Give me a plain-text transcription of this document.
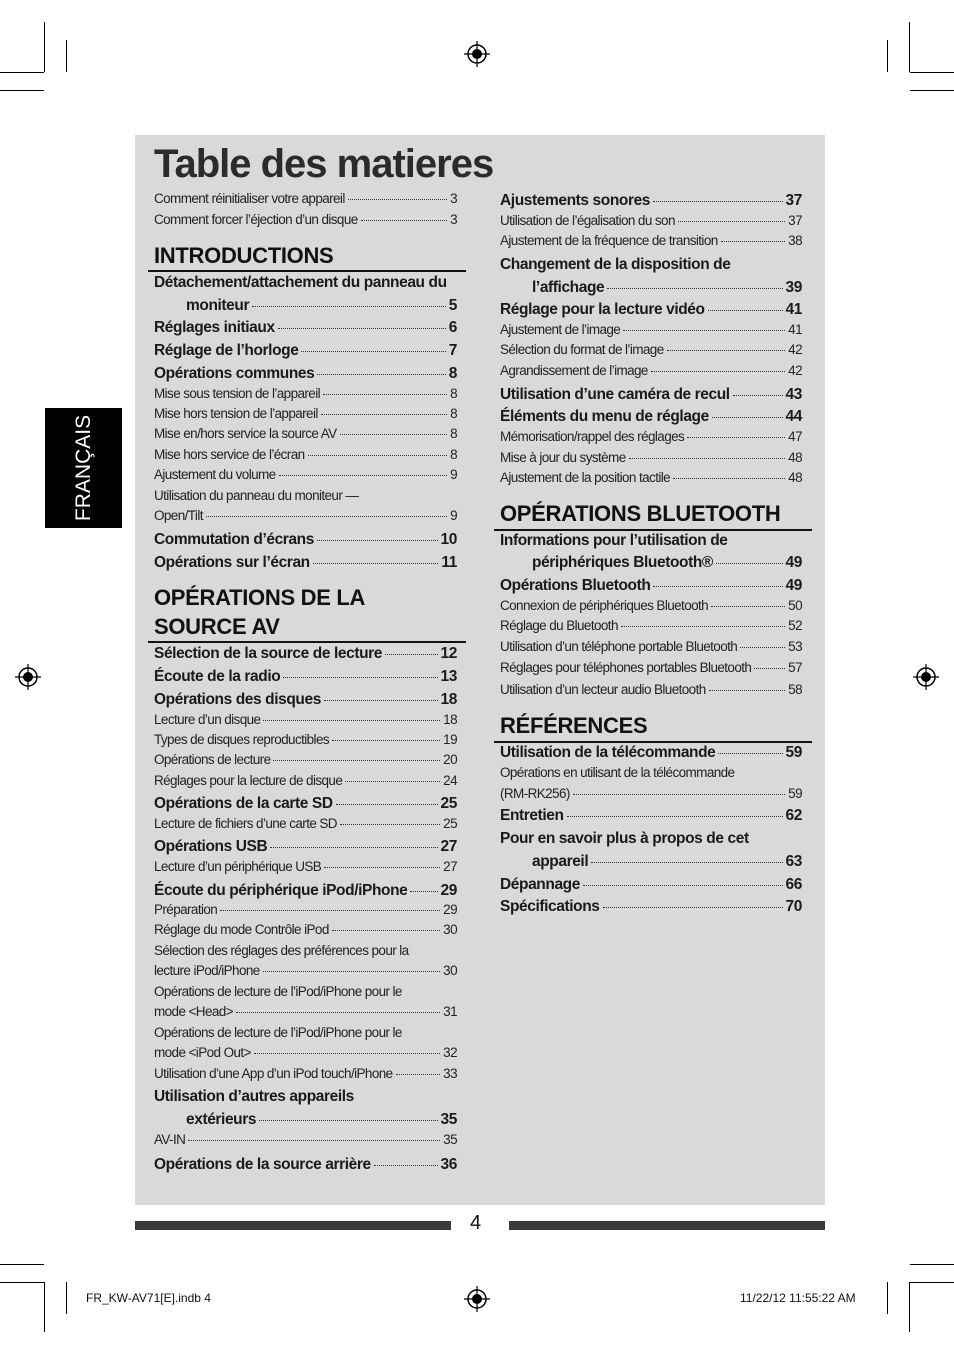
Table des matieres
FRANÇAIS
Comment réinitialiser votre appareil	3
Comment forcer l’éjection d’un disque	3
INTRODUCTIONS
Détachement/attachement du panneau du
moniteur	5
Réglages initiaux	6
Réglage de l’horloge	7
Opérations communes	8
Mise sous tension de l’appareil	8
Mise hors tension de l’appareil	8
Mise en/hors service la source AV	8
Mise hors service de l’écran	8
Ajustement du volume	9
Utilisation du panneau du moniteur —
Open/Tilt	9
Commutation d’écrans	10
Opérations sur l’écran	11
OPÉRATIONS DE LA
SOURCE AV
Sélection de la source de lecture	12
Écoute de la radio	13
Opérations des disques	18
Lecture d’un disque	18
Types de disques reproductibles	19
Opérations de lecture	20
Réglages pour la lecture de disque	24
Opérations de la carte SD	25
Lecture de fichiers d’une carte SD	25
Opérations USB	27
Lecture d’un périphérique USB	27
Écoute du périphérique iPod/iPhone 29
Préparation	29
Réglage du mode Contrôle iPod	30
Sélection des réglages des préférences pour la
lecture iPod/iPhone	30
Opérations de lecture de l’iPod/iPhone pour le
mode <Head>	31
Opérations de lecture de l’iPod/iPhone pour le
mode <iPod Out>	32
Utilisation d’une App d’un iPod touch/iPhone	33
Utilisation d’autres appareils
extérieurs	35
AV-IN	35
Opérations de la source arrière	36
Ajustements sonores	37
Utilisation de l’égalisation du son	37
Ajustement de la fréquence de transition	38
Changement de la disposition de
l’affichage	39
Réglage pour la lecture vidéo	41
Ajustement de l’image	41
Sélection du format de l’image	42
Agrandissement de l’image	42
Utilisation d’une caméra de recul	43
Éléments du menu de réglage	44
Mémorisation/rappel des réglages	47
Mise à jour du système	48
Ajustement de la position tactile	48
OPÉRATIONS BLUETOOTH
Informations pour l’utilisation de
périphériques Bluetooth®	49
Opérations Bluetooth	49
Connexion de périphériques Bluetooth	50
Réglage du Bluetooth	52
Utilisation d’un téléphone portable Bluetooth	53
Réglages pour téléphones portables Bluetooth	57
Utilisation d’un lecteur audio Bluetooth	58
RÉFÉRENCES
Utilisation de la télécommande	59
Opérations en utilisant de la télécommande
(RM-RK256)	59
Entretien	62
Pour en savoir plus à propos de cet
appareil	63
Dépannage	66
Spécifications	70
4
FR_KW-AV71[E].indb 4	11/22/12 11:55:22 AM
